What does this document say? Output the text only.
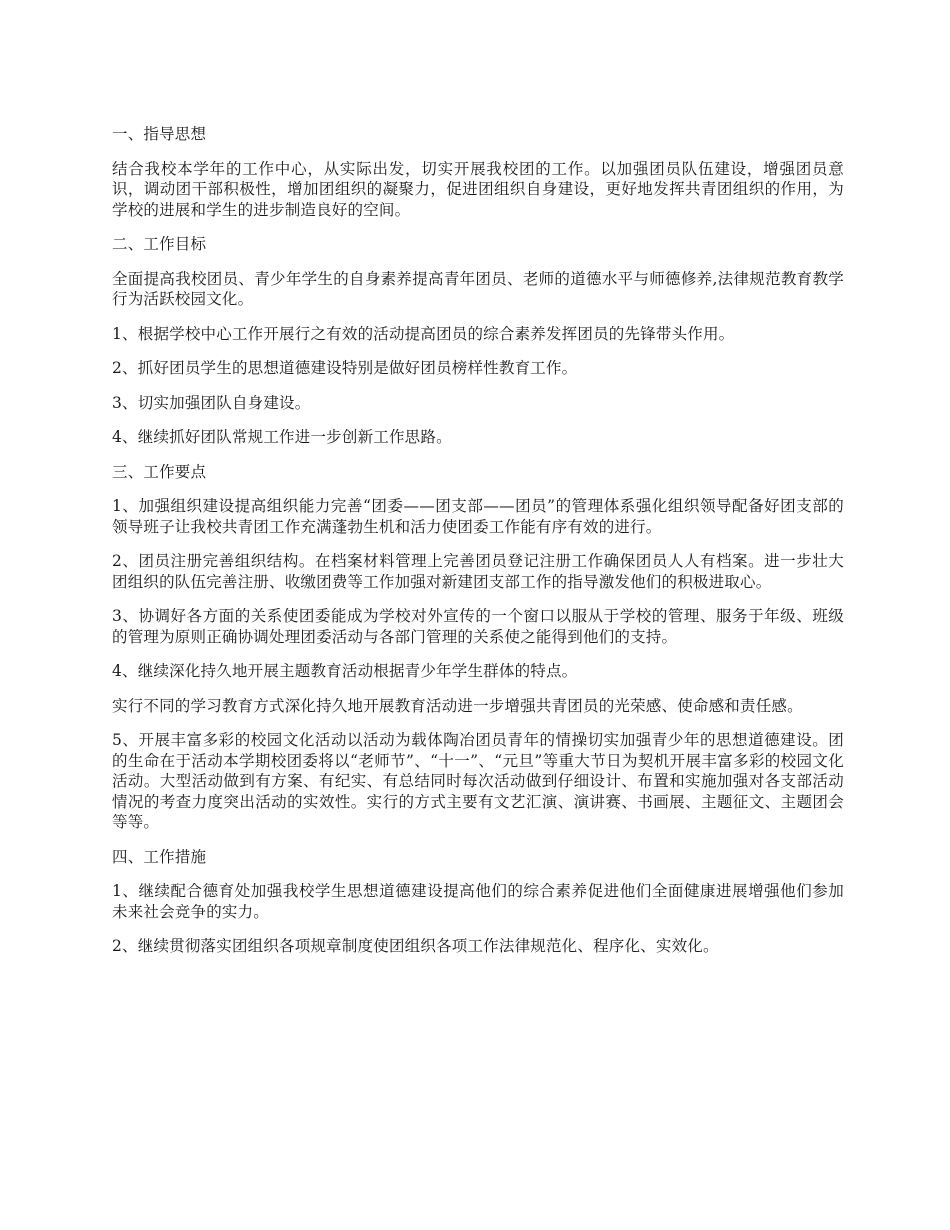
一、指导思想

结合我校本学年的工作中心，从实际出发，切实开展我校团的工作。以加强团员队伍建设，增强团员意识，调动团干部积极性，增加团组织的凝聚力，促进团组织自身建设，更好地发挥共青团组织的作用，为学校的进展和学生的进步制造良好的空间。

二、工作目标

全面提高我校团员、青少年学生的自身素养提高青年团员、老师的道德水平与师德修养,法律规范教育教学行为活跃校园文化。

1、根据学校中心工作开展行之有效的活动提高团员的综合素养发挥团员的先锋带头作用。

2、抓好团员学生的思想道德建设特别是做好团员榜样性教育工作。

3、切实加强团队自身建设。

4、继续抓好团队常规工作进一步创新工作思路。

三、工作要点

1、加强组织建设提高组织能力完善“团委——团支部——团员”的管理体系强化组织领导配备好团支部的领导班子让我校共青团工作充满蓬勃生机和活力使团委工作能有序有效的进行。

2、团员注册完善组织结构。在档案材料管理上完善团员登记注册工作确保团员人人有档案。进一步壮大团组织的队伍完善注册、收缴团费等工作加强对新建团支部工作的指导激发他们的积极进取心。

3、协调好各方面的关系使团委能成为学校对外宣传的一个窗口以服从于学校的管理、服务于年级、班级的管理为原则正确协调处理团委活动与各部门管理的关系使之能得到他们的支持。

4、继续深化持久地开展主题教育活动根据青少年学生群体的特点。

实行不同的学习教育方式深化持久地开展教育活动进一步增强共青团员的光荣感、使命感和责任感。

5、开展丰富多彩的校园文化活动以活动为载体陶冶团员青年的情操切实加强青少年的思想道德建设。团的生命在于活动本学期校团委将以“老师节”、“十一”、“元旦”等重大节日为契机开展丰富多彩的校园文化活动。大型活动做到有方案、有纪实、有总结同时每次活动做到仔细设计、布置和实施加强对各支部活动情况的考查力度突出活动的实效性。实行的方式主要有文艺汇演、演讲赛、书画展、主题征文、主题团会等等。

四、工作措施

1、继续配合德育处加强我校学生思想道德建设提高他们的综合素养促进他们全面健康进展增强他们参加未来社会竞争的实力。

2、继续贯彻落实团组织各项规章制度使团组织各项工作法律规范化、程序化、实效化。
